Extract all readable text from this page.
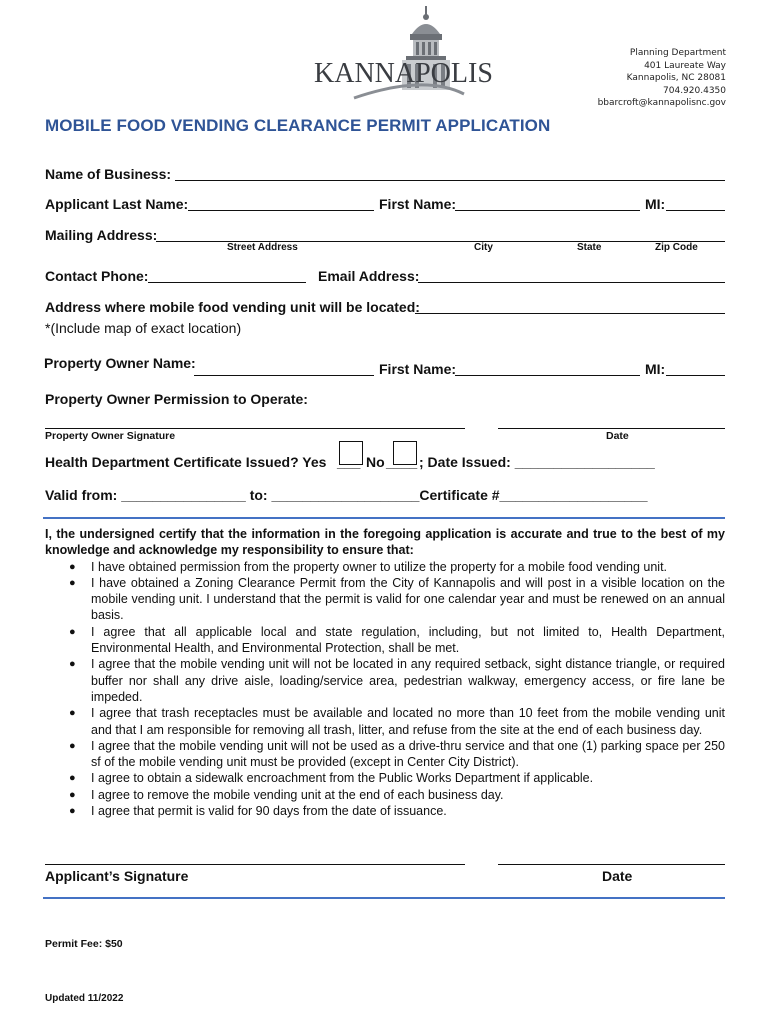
KANNAPOLIS
Planning Department
401 Laureate Way
Kannapolis, NC 28081
704.920.4350
bbarcroft@kannapolisnc.gov
MOBILE FOOD VENDING CLEARANCE PERMIT APPLICATION
Name of Business:
Applicant Last Name:	First Name:	MI:
Mailing Address:
Street Address	City	State	Zip Code
Contact Phone:	Email Address:
Address where mobile food vending unit will be located:
*(Include map of exact location)
Property Owner Name:	First Name:	MI:
Property Owner Permission to Operate:
Property Owner Signature	Date
Health Department Certificate Issued? Yes ___ No ____ ; Date Issued: __________________
Valid from: ________________ to: ___________________Certificate #___________________
I, the undersigned certify that the information in the foregoing application is accurate and true to the best of my knowledge and acknowledge my responsibility to ensure that:
● I have obtained permission from the property owner to utilize the property for a mobile food vending unit.
● I have obtained a Zoning Clearance Permit from the City of Kannapolis and will post in a visible location on the mobile vending unit. I understand that the permit is valid for one calendar year and must be renewed on an annual basis.
● I agree that all applicable local and state regulation, including, but not limited to, Health Department, Environmental Health, and Environmental Protection, shall be met.
● I agree that the mobile vending unit will not be located in any required setback, sight distance triangle, or required buffer nor shall any drive aisle, loading/service area, pedestrian walkway, emergency access, or fire lane be impeded.
● I agree that trash receptacles must be available and located no more than 10 feet from the mobile vending unit and that I am responsible for removing all trash, litter, and refuse from the site at the end of each business day.
● I agree that the mobile vending unit will not be used as a drive-thru service and that one (1) parking space per 250 sf of the mobile vending unit must be provided (except in Center City District).
● I agree to obtain a sidewalk encroachment from the Public Works Department if applicable.
● I agree to remove the mobile vending unit at the end of each business day.
● I agree that permit is valid for 90 days from the date of issuance.
Applicant’s Signature	Date
Permit Fee: $50
Updated 11/2022
